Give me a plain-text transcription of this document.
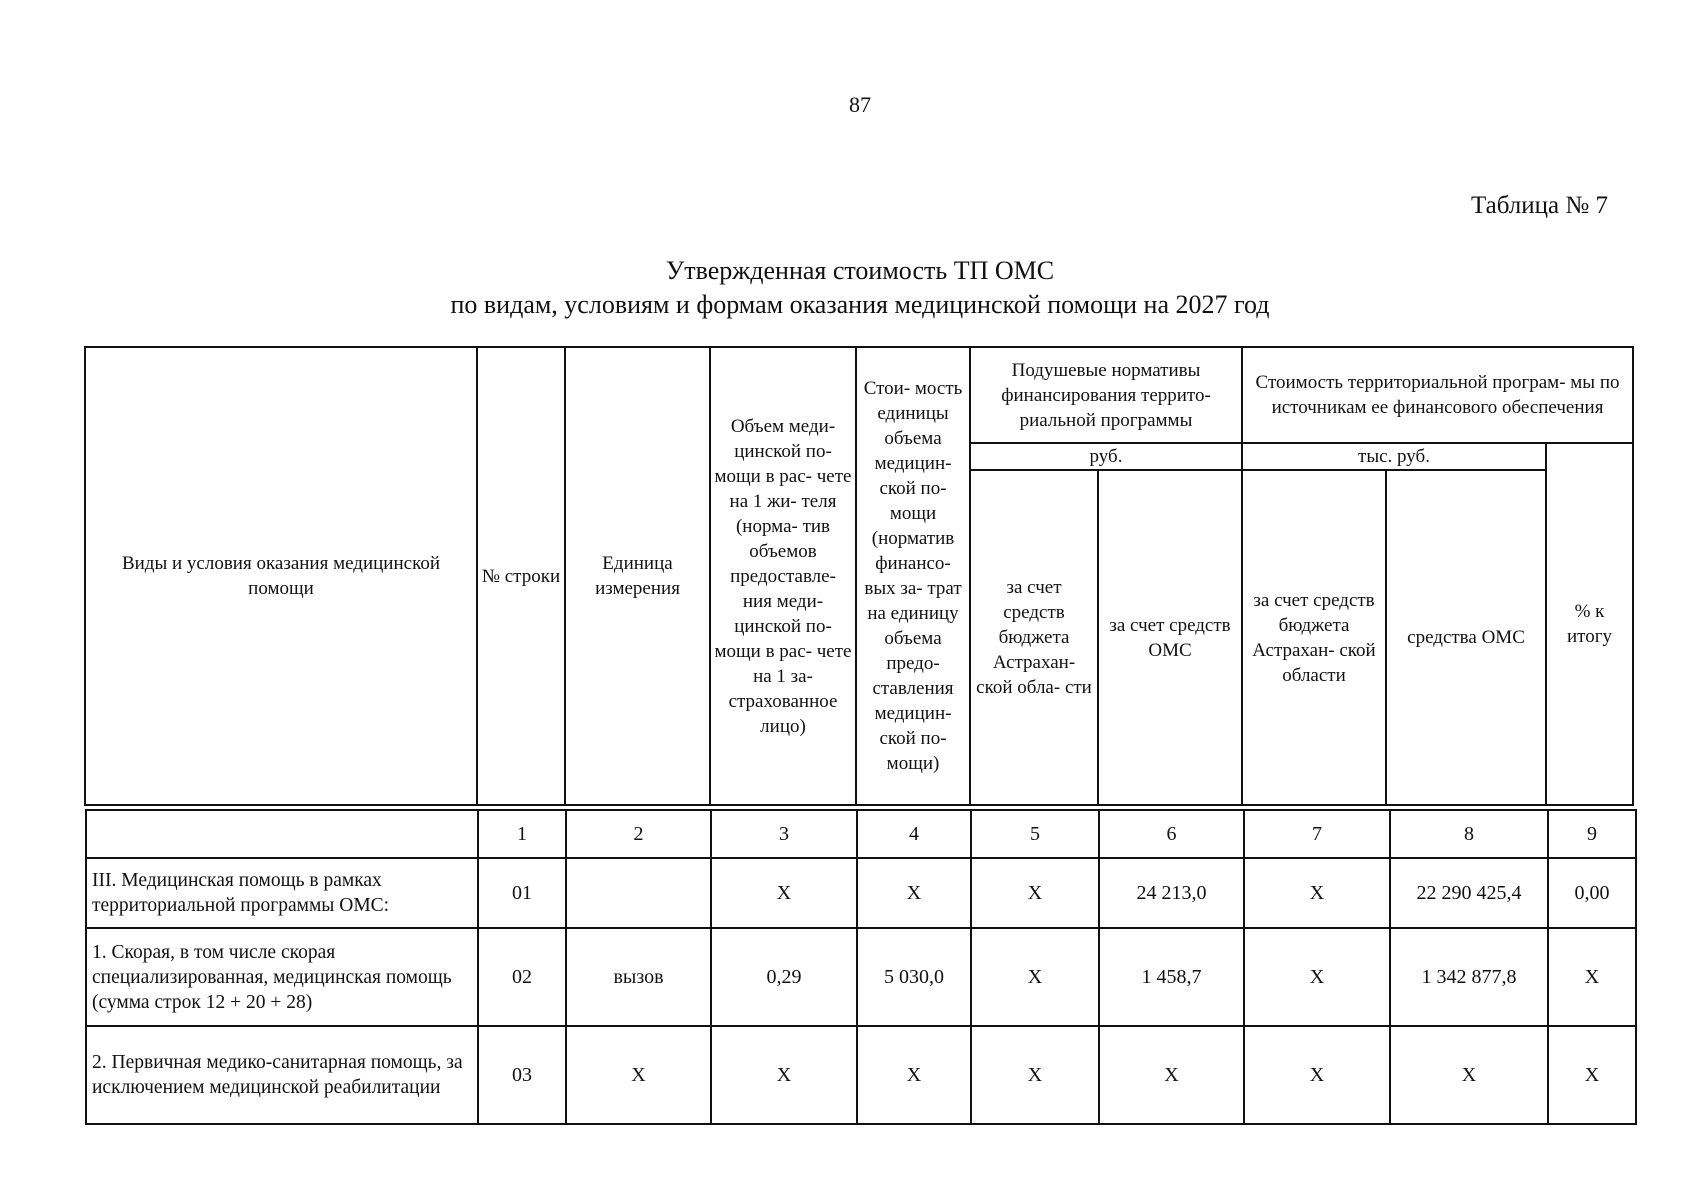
87
Таблица № 7
Утвержденная стоимость ТП ОМС
по видам, условиям и формам оказания медицинской помощи на 2027 год
Виды и условия оказания медицинской помощи	№ строки	Единица измерения	Объем меди- цинской по- мощи в рас- чете на 1 жи- теля (норма- тив объемов предоставле- ния меди- цинской по- мощи в рас- чете на 1 за- страхованное лицо)	Стои- мость единицы объема медицин- ской по- мощи (норматив финансо- вых за- трат на единицу объема предо- ставления медицин- ской по- мощи)	Подушевые нормативы финансирования террито- риальной программы		Стоимость территориальной програм- мы по источникам ее финансового обеспечения		
					руб.		тыс. руб.		% к итогу
					за счет средств бюджета Астрахан- ской обла- сти	за счет средств ОМС	за счет средств бюджета Астрахан- ской области	средства ОМС	
	1	2	3	4	5	6	7	8	9
III. Медицинская помощь в рамках территориальной программы ОМС:	01		X	X	X	24 213,0	X	22 290 425,4	0,00
1. Скорая, в том числе скорая специализированная, медицинская помощь (сумма строк 12 + 20 + 28)	02	вызов	0,29	5 030,0	X	1 458,7	X	1 342 877,8	X
2. Первичная медико-санитарная помощь, за исключением медицинской реабилитации	03	X	X	X	X	X	X	X	X
